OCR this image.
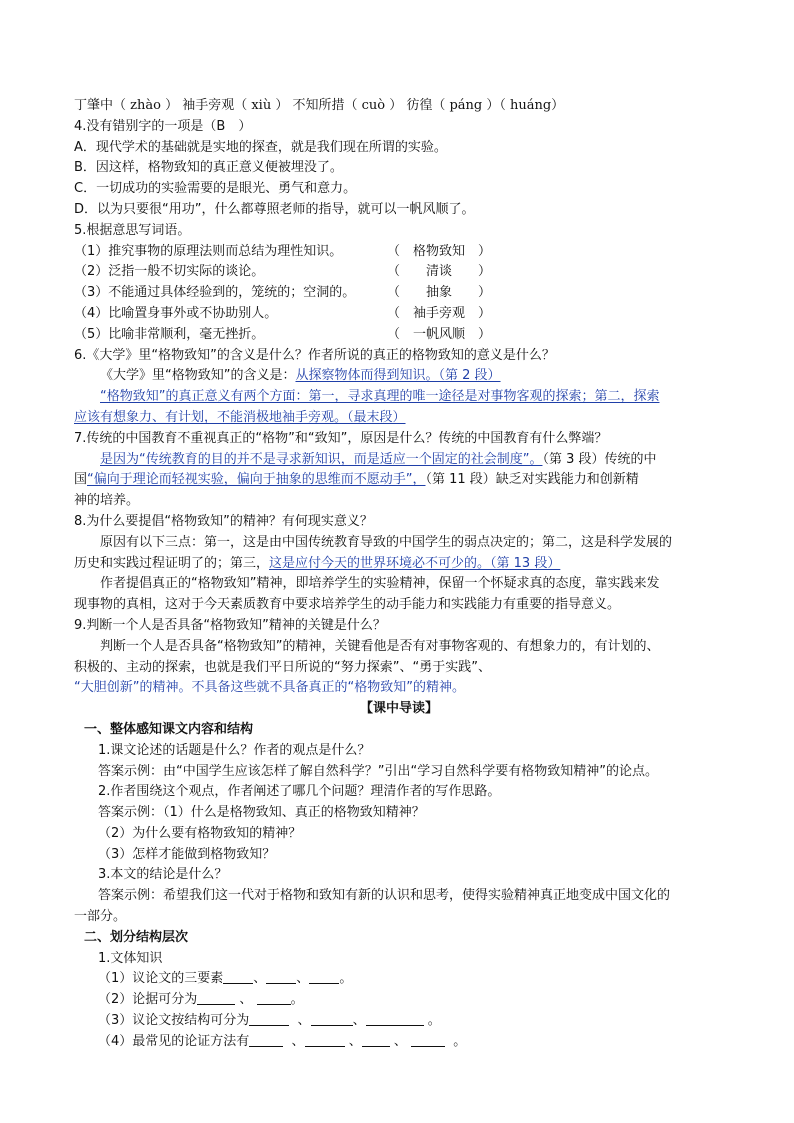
丁肇中（ zhào ） 袖手旁观（ xiù ） 不知所措（ cuò ） 彷徨（ páng ）（ huáng）
4.没有错别字的一项是（B　）
A．现代学术的基础就是实地的探查，就是我们现在所谓的实验。
B．因这样，格物致知的真正意义便被埋没了。
C．一切成功的实验需要的是眼光、勇气和意力。
D．以为只要很“用功”，什么都尊照老师的指导，就可以一帆风顺了。
5.根据意思写词语。
（1）推究事物的原理法则而总结为理性知识。	（　格物致知　）
（2）泛指一般不切实际的谈论。	（　　清谈　　）
（3）不能通过具体经验到的，笼统的；空洞的。	（　　抽象　　）
（4）比喻置身事外或不协助别人。	（　袖手旁观　）
（5）比喻非常顺利，毫无挫折。	（　一帆风顺　）
6.《大学》里“格物致知”的含义是什么？作者所说的真正的格物致知的意义是什么？
《大学》里“格物致知”的含义是：从探察物体而得到知识。（第 2 段）
“格物致知”的真正意义有两个方面：第一，寻求真理的唯一途径是对事物客观的探索；第二，探索
应该有想象力、有计划，不能消极地袖手旁观。（最末段）
7.传统的中国教育不重视真正的“格物”和“致知”，原因是什么？传统的中国教育有什么弊端？
是因为“传统教育的目的并不是寻求新知识，而是适应一个固定的社会制度”。（第 3 段）传统的中
国“偏向于理论而轻视实验，偏向于抽象的思维而不愿动手”，（第 11 段）缺乏对实践能力和创新精
神的培养。
8.为什么要提倡“格物致知”的精神？有何现实意义？
原因有以下三点：第一，这是由中国传统教育导致的中国学生的弱点决定的；第二，这是科学发展的
历史和实践过程证明了的；第三，这是应付今天的世界环境必不可少的。（第 13 段）
作者提倡真正的“格物致知”精神，即培养学生的实验精神，保留一个怀疑求真的态度，靠实践来发
现事物的真相，这对于今天素质教育中要求培养学生的动手能力和实践能力有重要的指导意义。
9.判断一个人是否具备“格物致知”精神的关键是什么？
判断一个人是否具备“格物致知”的精神，关键看他是否有对事物客观的、有想象力的，有计划的、
积极的、主动的探索，也就是我们平日所说的“努力探索”、“勇于实践”、
“大胆创新”的精神。不具备这些就不具备真正的“格物致知”的精神。
【课中导读】
一、整体感知课文内容和结构
1.课文论述的话题是什么？作者的观点是什么？
答案示例：由“中国学生应该怎样了解自然科学？”引出“学习自然科学要有格物致知精神”的论点。
2.作者围绕这个观点，作者阐述了哪几个问题？理清作者的写作思路。
答案示例：（1）什么是格物致知、真正的格物致知精神？
（2）为什么要有格物致知的精神？
（3）怎样才能做到格物致知？
3.本文的结论是什么？
答案示例：希望我们这一代对于格物和致知有新的认识和思考，使得实验精神真正地变成中国文化的
一部分。
二、划分结构层次
1.文体知识
（1）议论文的三要素 、 、 。
（2）论据可分为	、	。
（3）议论文按结构可分为	、	、	。
（4）最常见的论证方法有	、	、 、	。
